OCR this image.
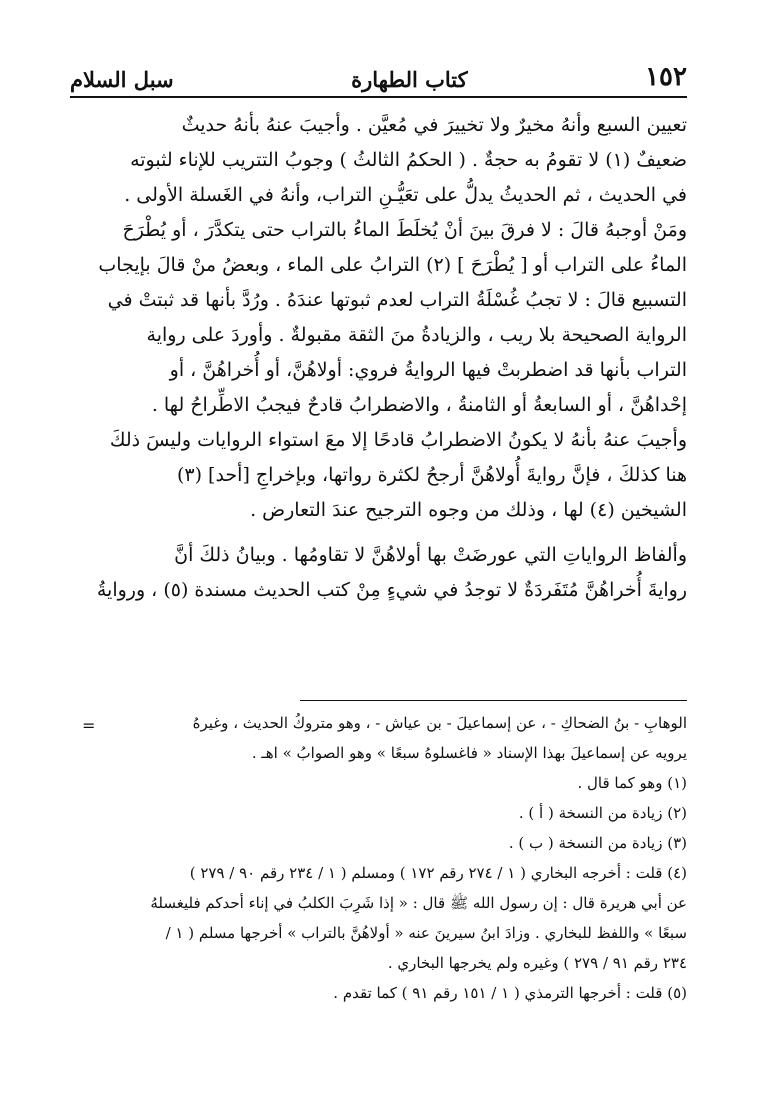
١٥٢
كتاب الطهارة
سبل السلام

تعيين السبع وأنهُ مخيرٌ ولا تخييرَ في مُعيَّن . وأجيبَ عنهُ بأنهُ حديثٌ

ضعيفٌ (١) لا تقومُ به حجةٌ . ( الحكمُ الثالثُ ) وجوبُ التتريب للإناء لثبوته

في الحديث ، ثم الحديثُ يدلُّ على تعَيُّـنِ التراب، وأنهُ في الغَسلة الأولى .

ومَنْ أوجبهُ قالَ : لا فرقَ بينَ أنْ يُخلَطَ الماءُ بالتراب حتى يتكدَّرَ ، أو يُطْرَحَ

الماءُ على التراب أو [ يُطْرَحَ ] (٢) الترابُ على الماء ، وبعضُ منْ قالَ بإيجاب

التسبيع قالَ : لا تجبُ غُسْلَةُ التراب لعدم ثبوتها عندَهُ . ورُدَّ بأنها قد ثبتتْ في

الرواية الصحيحة بلا ريب ، والزيادةُ منَ الثقة مقبولةٌ . وأوردَ على رواية

التراب بأنها قد اضطربتْ فيها الروايةُ فروي: أولاهُنَّ، أو أُخراهُنَّ ، أو

إحْداهُنَّ ، أو السابعةُ أو الثامنةُ ، والاضطرابُ قادحٌ فيجبُ الاطِّراحُ لها .

وأجيبَ عنهُ بأنهُ لا يكونُ الاضطرابُ قادحًا إلا معَ استواء الروايات وليسَ ذلكَ

هنا كذلكَ ، فإنَّ روايةَ أُولاهُنَّ أرجحُ لكثرة رواتها، وبإخراجِ [أحد] (٣)

الشيخين (٤) لها ، وذلك من وجوه الترجيح عندَ التعارض .

وألفاظ الرواياتِ التي عورضَتْ بها أولاهُنَّ لا تقاومُها . وبيانُ ذلكَ أنَّ

روايةَ أُخراهُنَّ مُتَفَردَةٌ لا توجدُ في شيءٍ مِنْ كتب الحديث مسندة (٥) ، وروايةُ

=	الوهابِ - بنُ الضحاكِ - ، عن إسماعيلَ - بن عياش - ، وهو متروكُ الحديث ، وغيرهُ

يرويه عن إسماعيلَ بهذا الإسناد « فاغسلوهُ سبعًا » وهو الصوابُ » اهـ .

(١) وهو كما قال .

(٢) زيادة من النسخة ( أ ) .

(٣) زيادة من النسخة ( ب ) .

(٤) قلت : أخرجه البخاري ( ١ / ٢٧٤ رقم ١٧٢ ) ومسلم ( ١ / ٢٣٤ رقم ٩٠ / ٢٧٩ )

عن أبي هريرة قال : إن رسول الله ﷺ قال : « إذا شَرِبَ الكلبُ في إناء أحدكم فليغسلهُ

سبعًا » واللفظ للبخاري . وزادَ ابنُ سيرينَ عنه « أولاهُنَّ بالتراب » أخرجها مسلم ( ١ /

٢٣٤ رقم ٩١ / ٢٧٩ ) وغيره ولم يخرجها البخاري .

(٥) قلت : أخرجها الترمذي ( ١ / ١٥١ رقم ٩١ ) كما تقدم .
